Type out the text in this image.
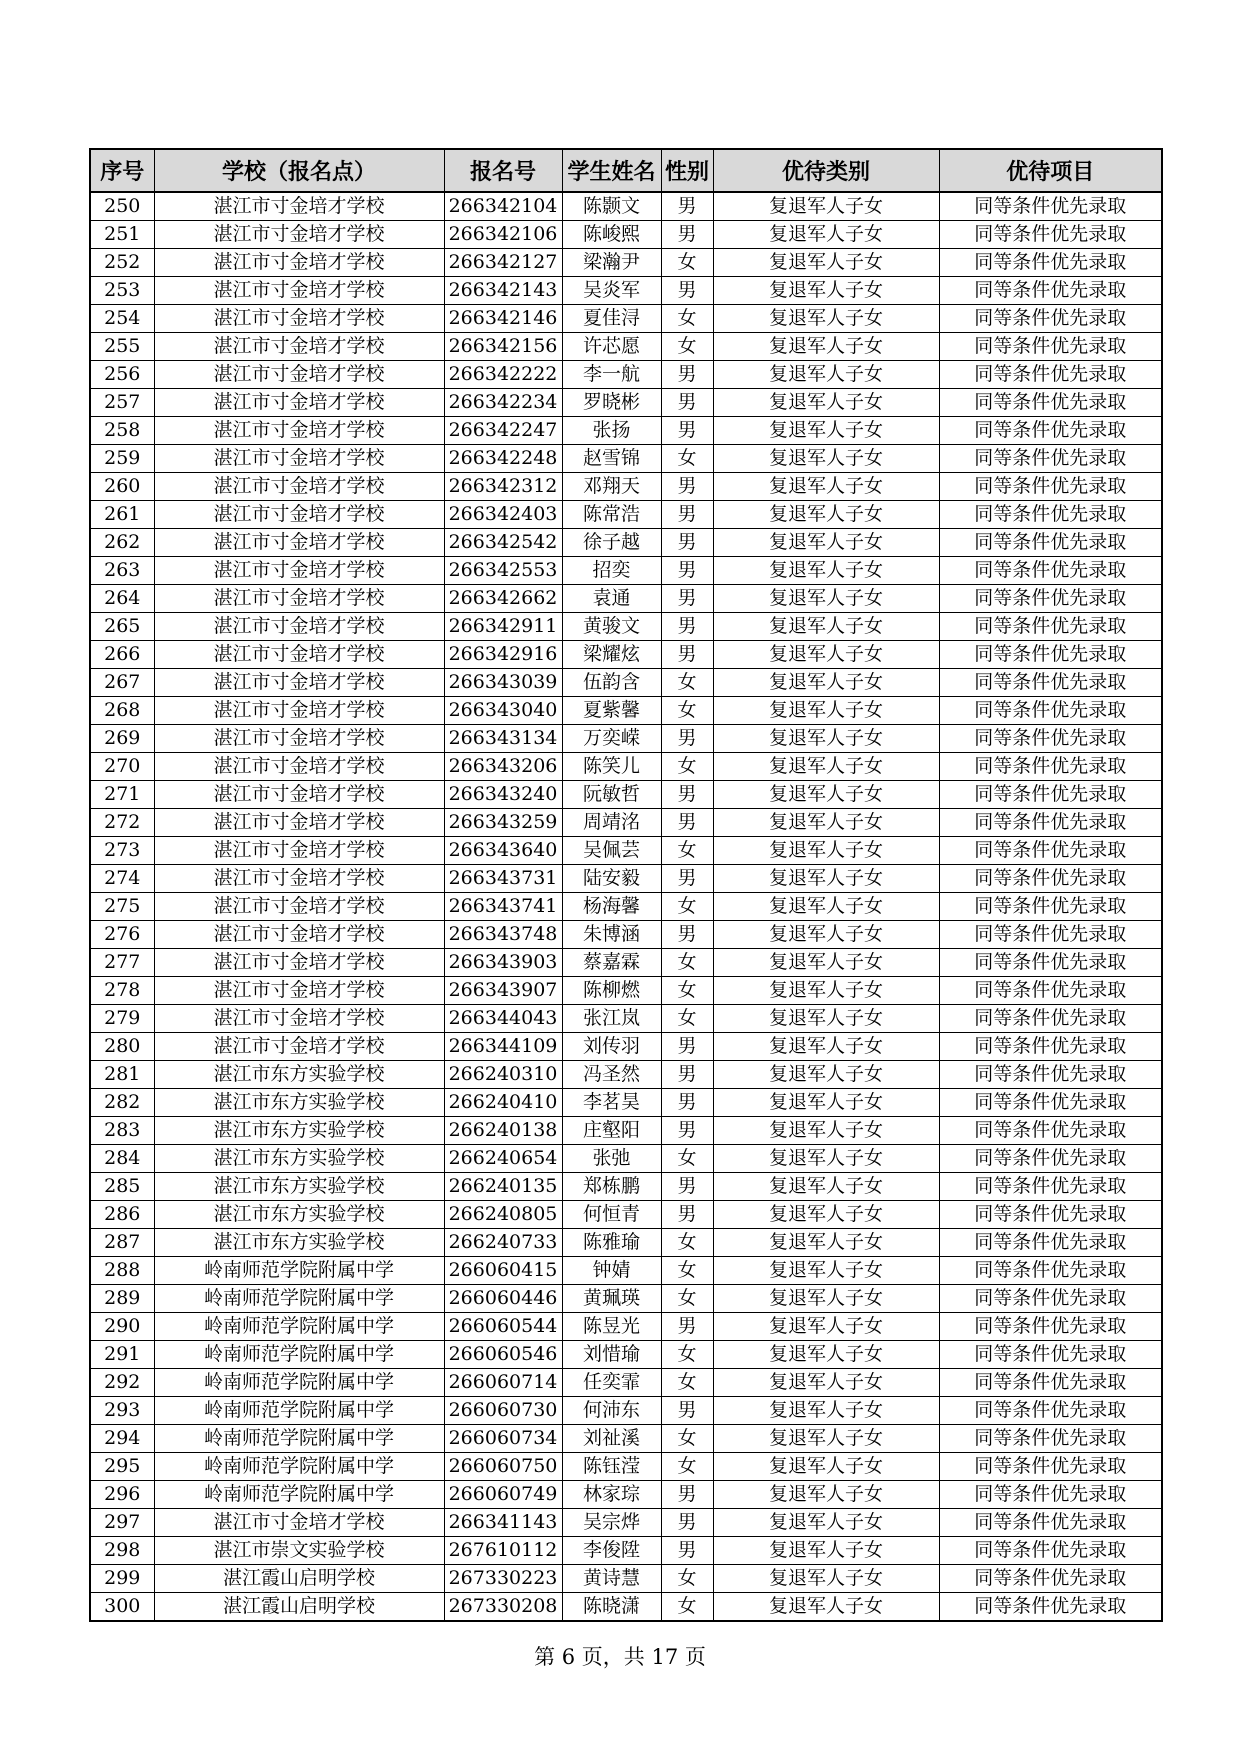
序号	学校（报名点）	报名号	学生姓名	性别	优待类别	优待项目
250	湛江市寸金培才学校	266342104	陈颢文	男	复退军人子女	同等条件优先录取
251	湛江市寸金培才学校	266342106	陈峻熙	男	复退军人子女	同等条件优先录取
252	湛江市寸金培才学校	266342127	梁瀚尹	女	复退军人子女	同等条件优先录取
253	湛江市寸金培才学校	266342143	吴炎军	男	复退军人子女	同等条件优先录取
254	湛江市寸金培才学校	266342146	夏佳浔	女	复退军人子女	同等条件优先录取
255	湛江市寸金培才学校	266342156	许芯愿	女	复退军人子女	同等条件优先录取
256	湛江市寸金培才学校	266342222	李一航	男	复退军人子女	同等条件优先录取
257	湛江市寸金培才学校	266342234	罗晓彬	男	复退军人子女	同等条件优先录取
258	湛江市寸金培才学校	266342247	张扬	男	复退军人子女	同等条件优先录取
259	湛江市寸金培才学校	266342248	赵雪锦	女	复退军人子女	同等条件优先录取
260	湛江市寸金培才学校	266342312	邓翔天	男	复退军人子女	同等条件优先录取
261	湛江市寸金培才学校	266342403	陈常浩	男	复退军人子女	同等条件优先录取
262	湛江市寸金培才学校	266342542	徐子越	男	复退军人子女	同等条件优先录取
263	湛江市寸金培才学校	266342553	招奕	男	复退军人子女	同等条件优先录取
264	湛江市寸金培才学校	266342662	袁通	男	复退军人子女	同等条件优先录取
265	湛江市寸金培才学校	266342911	黄骏文	男	复退军人子女	同等条件优先录取
266	湛江市寸金培才学校	266342916	梁耀炫	男	复退军人子女	同等条件优先录取
267	湛江市寸金培才学校	266343039	伍韵含	女	复退军人子女	同等条件优先录取
268	湛江市寸金培才学校	266343040	夏紫馨	女	复退军人子女	同等条件优先录取
269	湛江市寸金培才学校	266343134	万奕嵘	男	复退军人子女	同等条件优先录取
270	湛江市寸金培才学校	266343206	陈笑儿	女	复退军人子女	同等条件优先录取
271	湛江市寸金培才学校	266343240	阮敏哲	男	复退军人子女	同等条件优先录取
272	湛江市寸金培才学校	266343259	周靖洺	男	复退军人子女	同等条件优先录取
273	湛江市寸金培才学校	266343640	吴佩芸	女	复退军人子女	同等条件优先录取
274	湛江市寸金培才学校	266343731	陆安毅	男	复退军人子女	同等条件优先录取
275	湛江市寸金培才学校	266343741	杨海馨	女	复退军人子女	同等条件优先录取
276	湛江市寸金培才学校	266343748	朱博涵	男	复退军人子女	同等条件优先录取
277	湛江市寸金培才学校	266343903	蔡嘉霖	女	复退军人子女	同等条件优先录取
278	湛江市寸金培才学校	266343907	陈柳燃	女	复退军人子女	同等条件优先录取
279	湛江市寸金培才学校	266344043	张江岚	女	复退军人子女	同等条件优先录取
280	湛江市寸金培才学校	266344109	刘传羽	男	复退军人子女	同等条件优先录取
281	湛江市东方实验学校	266240310	冯圣然	男	复退军人子女	同等条件优先录取
282	湛江市东方实验学校	266240410	李茗昊	男	复退军人子女	同等条件优先录取
283	湛江市东方实验学校	266240138	庄壑阳	男	复退军人子女	同等条件优先录取
284	湛江市东方实验学校	266240654	张弛	女	复退军人子女	同等条件优先录取
285	湛江市东方实验学校	266240135	郑栋鹏	男	复退军人子女	同等条件优先录取
286	湛江市东方实验学校	266240805	何恒青	男	复退军人子女	同等条件优先录取
287	湛江市东方实验学校	266240733	陈雅瑜	女	复退军人子女	同等条件优先录取
288	岭南师范学院附属中学	266060415	钟婧	女	复退军人子女	同等条件优先录取
289	岭南师范学院附属中学	266060446	黄珮瑛	女	复退军人子女	同等条件优先录取
290	岭南师范学院附属中学	266060544	陈昱光	男	复退军人子女	同等条件优先录取
291	岭南师范学院附属中学	266060546	刘惜瑜	女	复退军人子女	同等条件优先录取
292	岭南师范学院附属中学	266060714	任奕霏	女	复退军人子女	同等条件优先录取
293	岭南师范学院附属中学	266060730	何沛东	男	复退军人子女	同等条件优先录取
294	岭南师范学院附属中学	266060734	刘祉溪	女	复退军人子女	同等条件优先录取
295	岭南师范学院附属中学	266060750	陈钰滢	女	复退军人子女	同等条件优先录取
296	岭南师范学院附属中学	266060749	林家琮	男	复退军人子女	同等条件优先录取
297	湛江市寸金培才学校	266341143	吴宗烨	男	复退军人子女	同等条件优先录取
298	湛江市崇文实验学校	267610112	李俊陞	男	复退军人子女	同等条件优先录取
299	湛江霞山启明学校	267330223	黄诗慧	女	复退军人子女	同等条件优先录取
300	湛江霞山启明学校	267330208	陈晓潇	女	复退军人子女	同等条件优先录取
第 6 页，共 17 页
